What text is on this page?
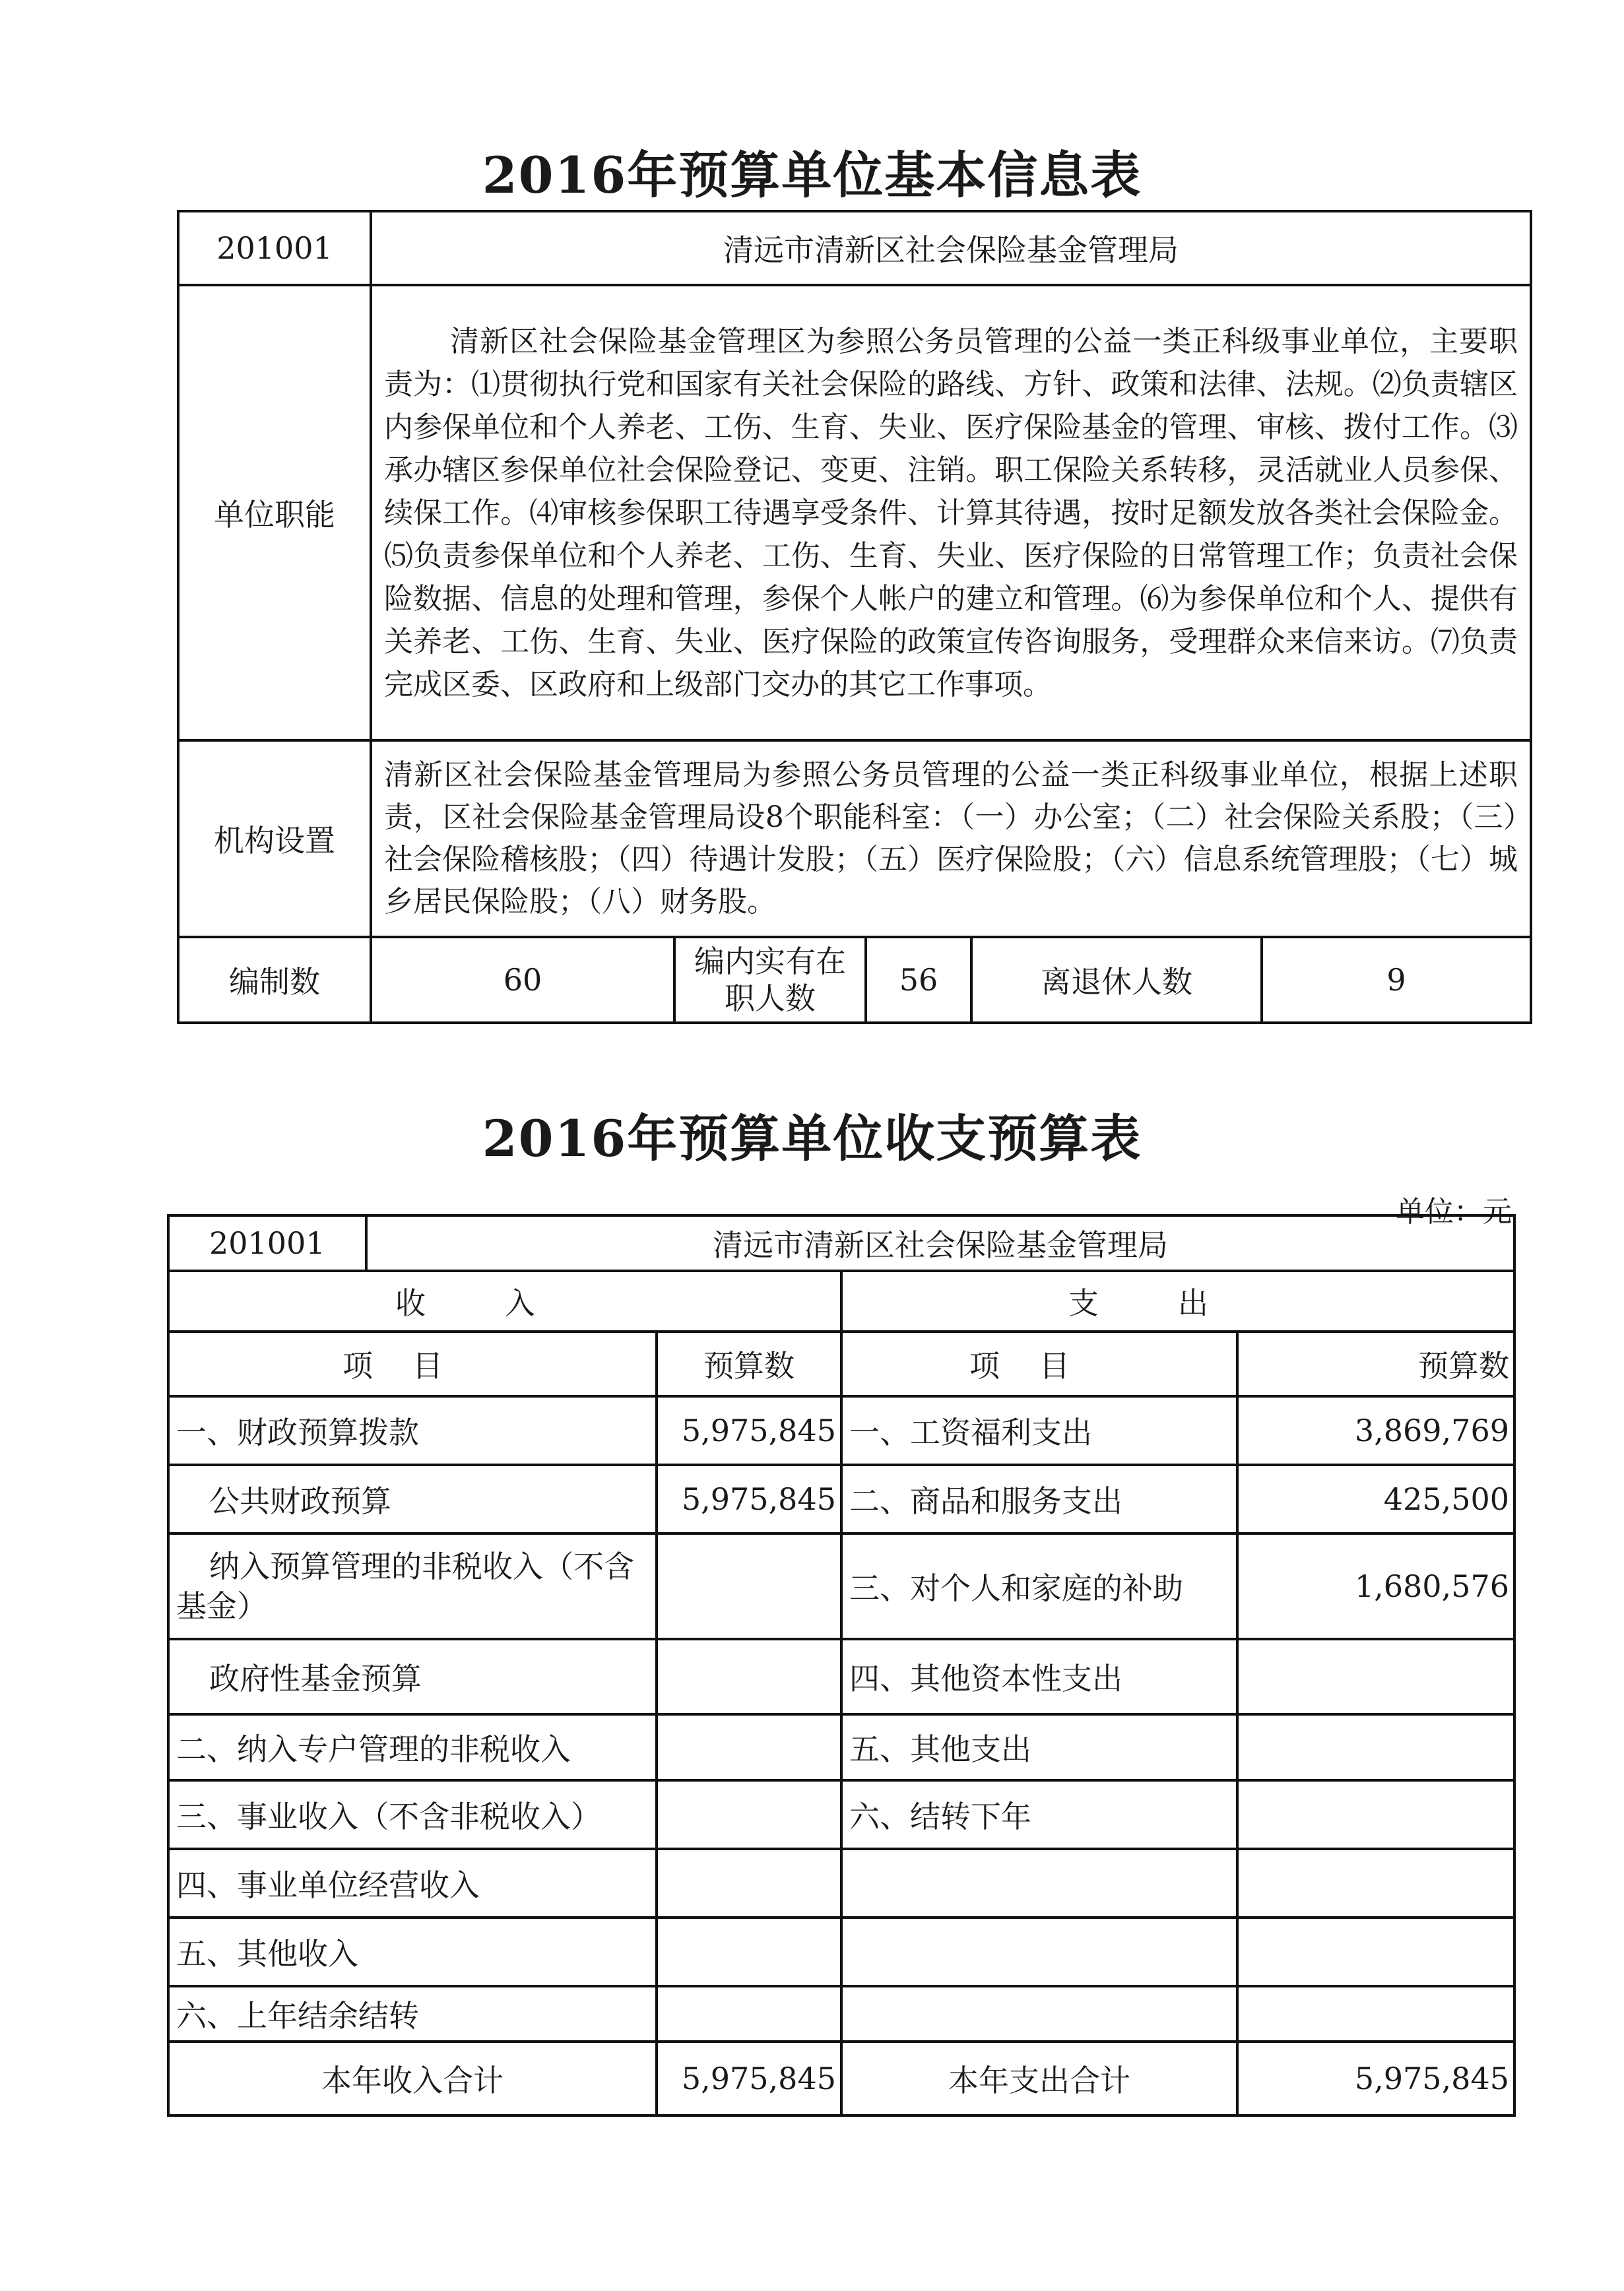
2016年预算单位基本信息表
201001	清远市清新区社会保险基金管理局				
单位职能	清新区社会保险基金管理区为参照公务员管理的公益一类正科级事业单位，主要职责为：⑴贯彻执行党和国家有关社会保险的路线、方针、政策和法律、法规。⑵负责辖区内参保单位和个人养老、工伤、生育、失业、医疗保险基金的管理、审核、拨付工作。⑶承办辖区参保单位社会保险登记、变更、注销。职工保险关系转移，灵活就业人员参保、续保工作。⑷审核参保职工待遇享受条件、计算其待遇，按时足额发放各类社会保险金。⑸负责参保单位和个人养老、工伤、生育、失业、医疗保险的日常管理工作；负责社会保险数据、信息的处理和管理，参保个人帐户的建立和管理。⑹为参保单位和个人、提供有关养老、工伤、生育、失业、医疗保险的政策宣传咨询服务，受理群众来信来访。⑺负责完成区委、区政府和上级部门交办的其它工作事项。				
机构设置	清新区社会保险基金管理局为参照公务员管理的公益一类正科级事业单位，根据上述职责，区社会保险基金管理局设8个职能科室：（一）办公室；（二）社会保险关系股；（三）社会保险稽核股；（四）待遇计发股；（五）医疗保险股；（六）信息系统管理股；（七）城乡居民保险股；（八）财务股。				
编制数	60	编内实有在职人数	56	离退休人数	9
2016年预算单位收支预算表
单位：元
201001	清远市清新区社会保险基金管理局			
收入			支出	
项目		预算数	项目	预算数
一、财政预算拨款		5,975,845	一、工资福利支出	3,869,769
公共财政预算		5,975,845	二、商品和服务支出	425,500
纳入预算管理的非税收入（不含基金）			三、对个人和家庭的补助	1,680,576
政府性基金预算			四、其他资本性支出	
二、纳入专户管理的非税收入			五、其他支出	
三、事业收入（不含非税收入）			六、结转下年	
四、事业单位经营收入				
五、其他收入				
六、上年结余结转				
本年收入合计		5,975,845	本年支出合计	5,975,845
